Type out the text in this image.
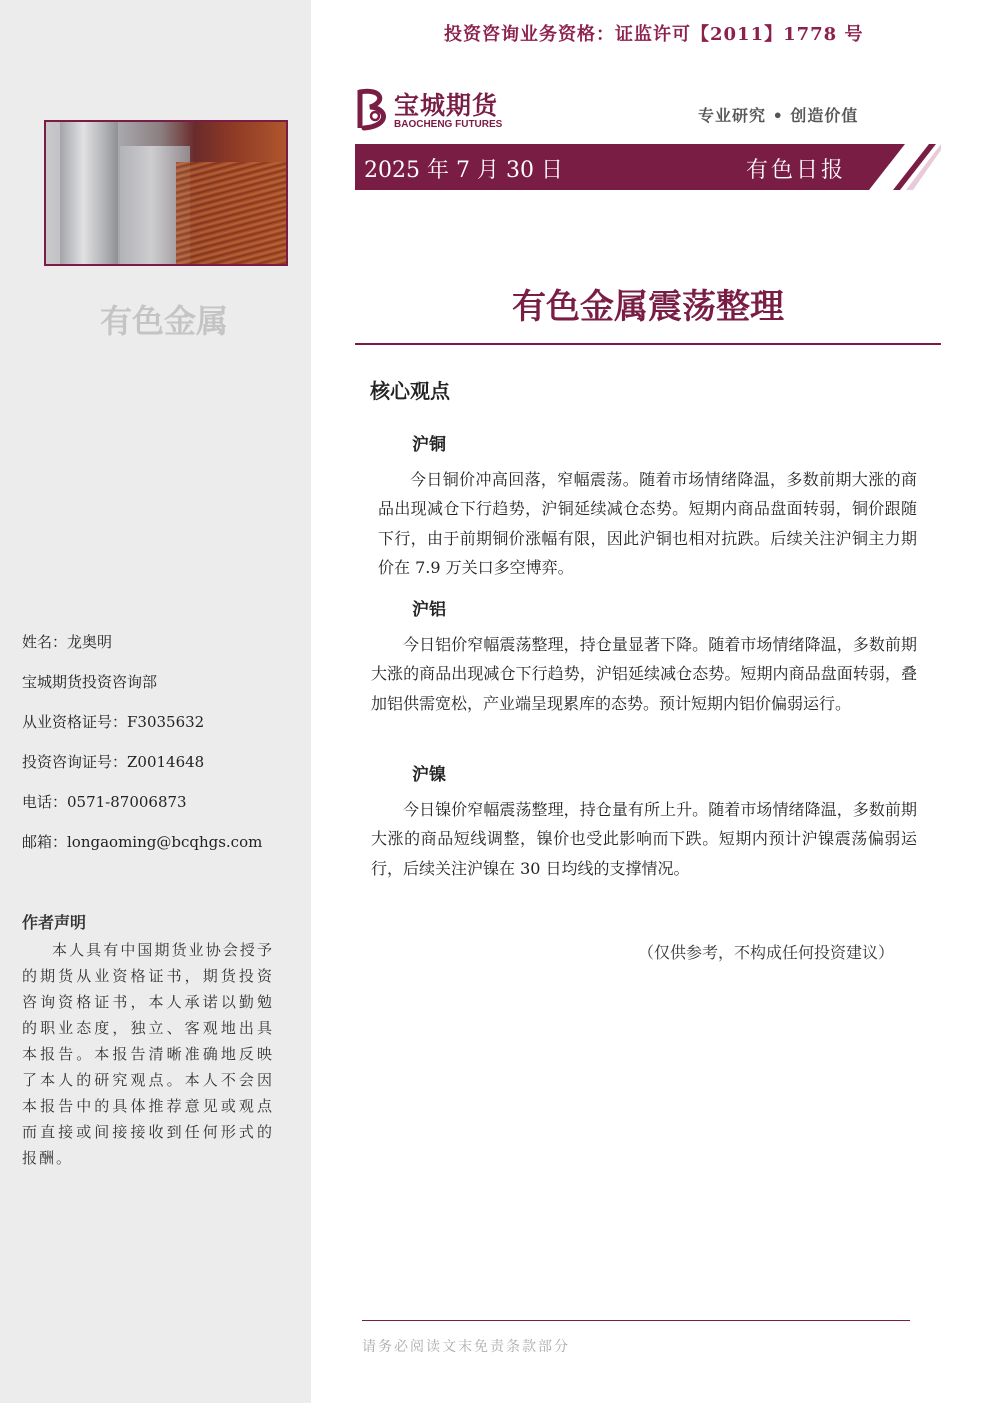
有色金属
姓名：龙奥明
宝城期货投资咨询部
从业资格证号：F3035632
投资咨询证号：Z0014648
电话：0571-87006873
邮箱：longaoming@bcqhgs.com
作者声明
本人具有中国期货业协会授予的期货从业资格证书，期货投资咨询资格证书，本人承诺以勤勉的职业态度，独立、客观地出具本报告。本报告清晰准确地反映了本人的研究观点。本人不会因本报告中的具体推荐意见或观点而直接或间接接收到任何形式的报酬。
投资咨询业务资格：证监许可【2011】1778 号
宝城期货
BAOCHENG FUTURES	专业研究 • 创造价值
2025 年 7 月 30 日	有色日报
有色金属震荡整理
核心观点
沪铜
今日铜价冲高回落，窄幅震荡。随着市场情绪降温，多数前期大涨的商品出现减仓下行趋势，沪铜延续减仓态势。短期内商品盘面转弱，铜价跟随下行，由于前期铜价涨幅有限，因此沪铜也相对抗跌。后续关注沪铜主力期价在 7.9 万关口多空博弈。
沪铝
今日铝价窄幅震荡整理，持仓量显著下降。随着市场情绪降温，多数前期大涨的商品出现减仓下行趋势，沪铝延续减仓态势。短期内商品盘面转弱，叠加铝供需宽松，产业端呈现累库的态势。预计短期内铝价偏弱运行。
沪镍
今日镍价窄幅震荡整理，持仓量有所上升。随着市场情绪降温，多数前期大涨的商品短线调整，镍价也受此影响而下跌。短期内预计沪镍震荡偏弱运行，后续关注沪镍在 30 日均线的支撑情况。
（仅供参考，不构成任何投资建议）
请务必阅读文末免责条款部分
